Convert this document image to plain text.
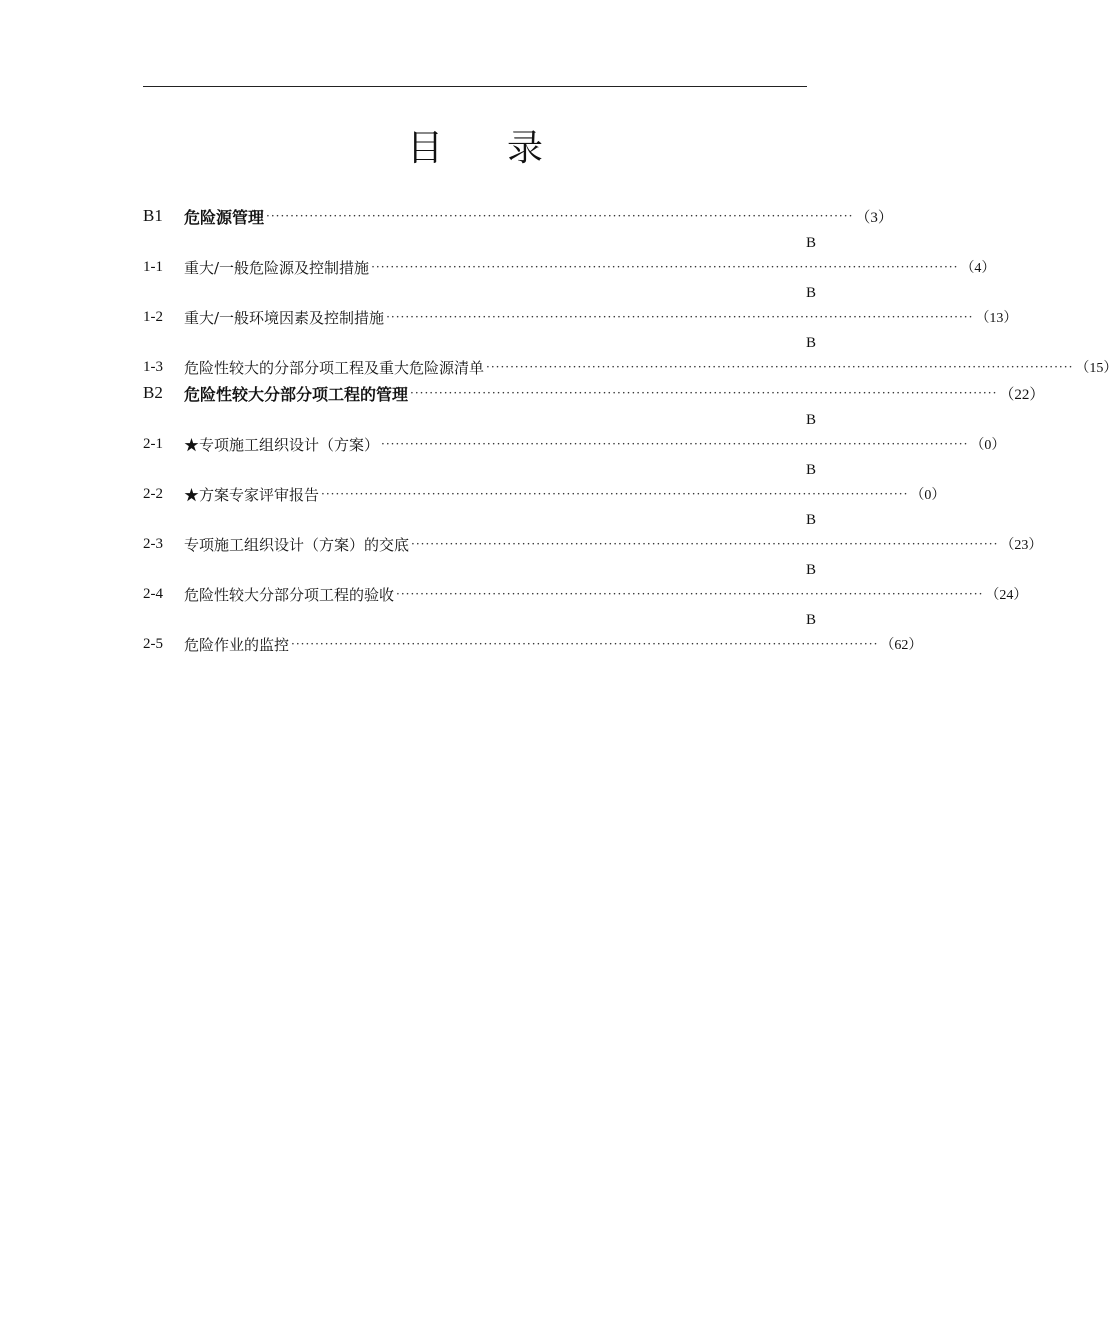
目 录
B1	危险源管理 ·························································································································· （3）
B
1-1	重大/一般危险源及控制措施 ·························································································································· （4）
B
1-2	重大/一般环境因素及控制措施 ·························································································································· （13）
B
1-3	危险性较大的分部分项工程及重大危险源清单 ·························································································································· （15）
B2	危险性较大分部分项工程的管理 ·························································································································· （22）
B
2-1	★专项施工组织设计（方案） ·························································································································· （0）
B
2-2	★方案专家评审报告 ·························································································································· （0）
B
2-3	专项施工组织设计（方案）的交底 ·························································································································· （23）
B
2-4	危险性较大分部分项工程的验收 ·························································································································· （24）
B
2-5	危险作业的监控 ·························································································································· （62）
